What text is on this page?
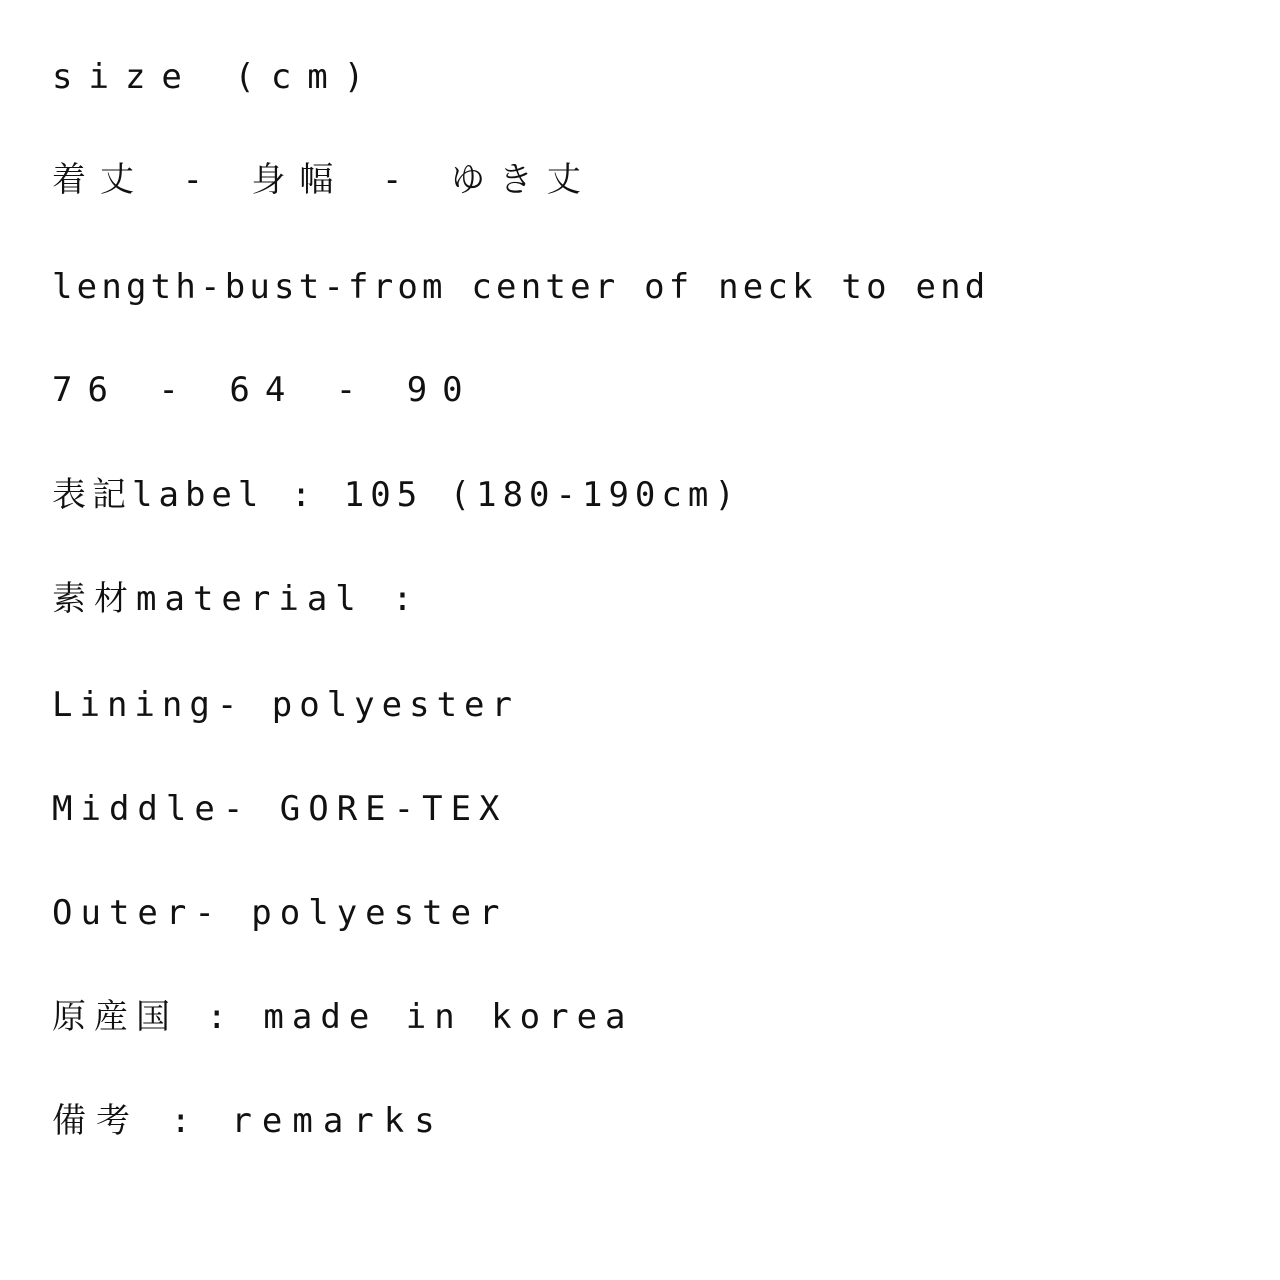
size (cm)

着丈 - 身幅 - ゆき丈

length-bust-from center of neck to end

76 - 64 - 90

表記label : 105 (180-190cm)

素材material :

Lining- polyester

Middle- GORE-TEX

Outer- polyester

原産国 : made in korea

備考 : remarks
